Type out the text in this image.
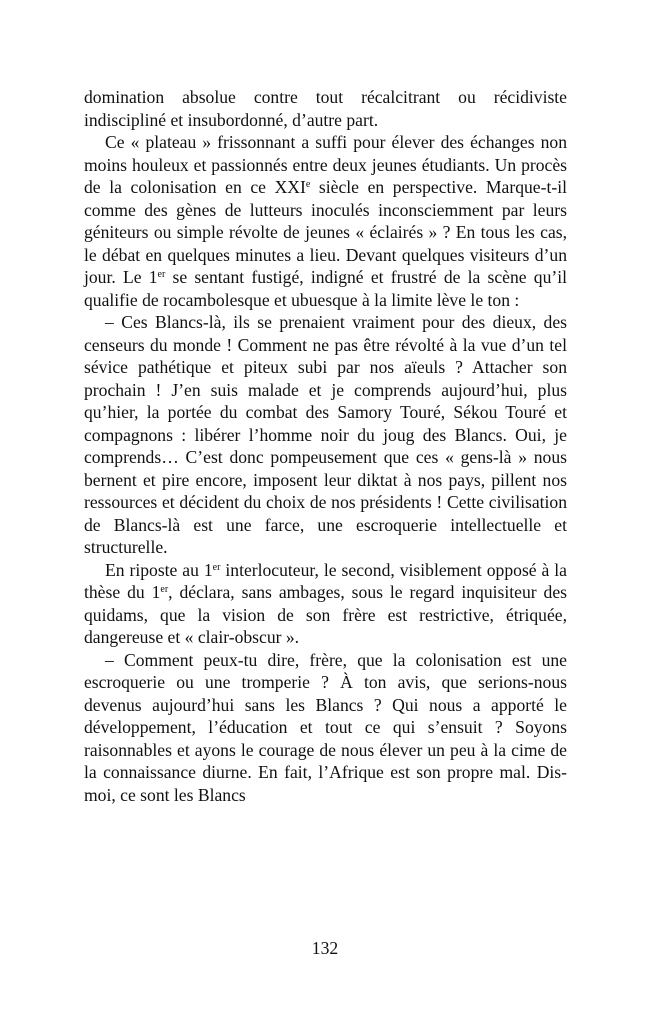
domination absolue contre tout récalcitrant ou récidiviste indiscipliné et insubordonné, d’autre part.

Ce « plateau » frissonnant a suffi pour élever des échanges non moins houleux et passionnés entre deux jeunes étudiants. Un procès de la colonisation en ce XXIe siècle en perspective. Marque-t-il comme des gènes de lutteurs inoculés inconsciemment par leurs géniteurs ou simple révolte de jeunes « éclairés » ? En tous les cas, le débat en quelques minutes a lieu. Devant quelques visiteurs d’un jour. Le 1er se sentant fustigé, indigné et frustré de la scène qu’il qualifie de rocambolesque et ubuesque à la limite lève le ton :

– Ces Blancs-là, ils se prenaient vraiment pour des dieux, des censeurs du monde ! Comment ne pas être révolté à la vue d’un tel sévice pathétique et piteux subi par nos aïeuls ? Attacher son prochain ! J’en suis malade et je comprends aujourd’hui, plus qu’hier, la portée du combat des Samory Touré, Sékou Touré et compagnons : libérer l’homme noir du joug des Blancs. Oui, je comprends… C’est donc pompeusement que ces « gens-là » nous bernent et pire encore, imposent leur diktat à nos pays, pillent nos ressources et décident du choix de nos présidents ! Cette civilisation de Blancs-là est une farce, une escroquerie intellectuelle et structurelle.

En riposte au 1er interlocuteur, le second, visiblement opposé à la thèse du 1er, déclara, sans ambages, sous le regard inquisiteur des quidams, que la vision de son frère est restrictive, étriquée, dangereuse et « clair-obscur ».

– Comment peux-tu dire, frère, que la colonisation est une escroquerie ou une tromperie ? À ton avis, que serions-nous devenus aujourd’hui sans les Blancs ? Qui nous a apporté le développement, l’éducation et tout ce qui s’ensuit ? Soyons raisonnables et ayons le courage de nous élever un peu à la cime de la connaissance diurne. En fait, l’Afrique est son propre mal. Dis-moi, ce sont les Blancs

132
